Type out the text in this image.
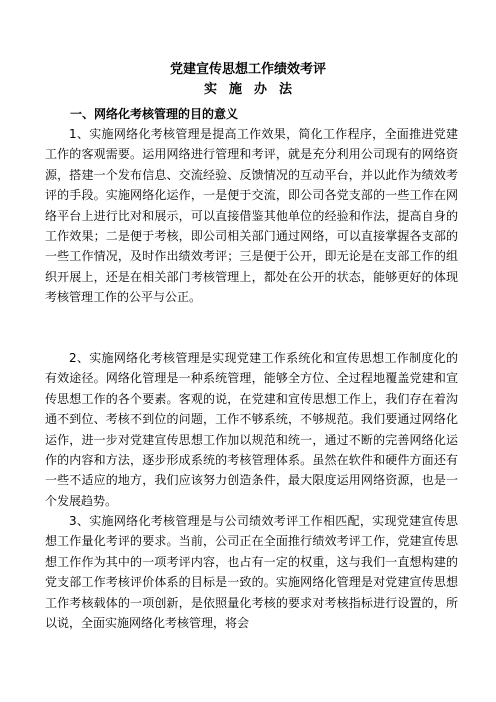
党建宣传思想工作绩效考评
实施办法
一、网络化考核管理的目的意义

1、实施网络化考核管理是提高工作效果，简化工作程序，全面推进党建工作的客观需要。运用网络进行管理和考评，就是充分利用公司现有的网络资源，搭建一个发布信息、交流经验、反馈情况的互动平台，并以此作为绩效考评的手段。实施网络化运作，一是便于交流，即公司各党支部的一些工作在网络平台上进行比对和展示，可以直接借鉴其他单位的经验和作法，提高自身的工作效果；二是便于考核，即公司相关部门通过网络，可以直接掌握各支部的一些工作情况，及时作出绩效考评；三是便于公开，即无论是在支部工作的组织开展上，还是在相关部门考核管理上，都处在公开的状态，能够更好的体现考核管理工作的公平与公正。

2、实施网络化考核管理是实现党建工作系统化和宣传思想工作制度化的有效途径。网络化管理是一种系统管理，能够全方位、全过程地覆盖党建和宣传思想工作的各个要素。客观的说，在党建和宣传思想工作上，我们存在着沟通不到位、考核不到位的问题，工作不够系统，不够规范。我们要通过网络化运作，进一步对党建宣传思想工作加以规范和统一，通过不断的完善网络化运作的内容和方法，逐步形成系统的考核管理体系。虽然在软件和硬件方面还有一些不适应的地方，我们应该努力创造条件，最大限度运用网络资源，也是一个发展趋势。

3、实施网络化考核管理是与公司绩效考评工作相匹配，实现党建宣传思想工作量化考评的要求。当前，公司正在全面推行绩效考评工作，党建宣传思想工作作为其中的一项考评内容，也占有一定的权重，这与我们一直想构建的党支部工作考核评价体系的目标是一致的。实施网络化管理是对党建宣传思想工作考核载体的一项创新，是依照量化考核的要求对考核指标进行设置的，所以说，全面实施网络化考核管理，将会
